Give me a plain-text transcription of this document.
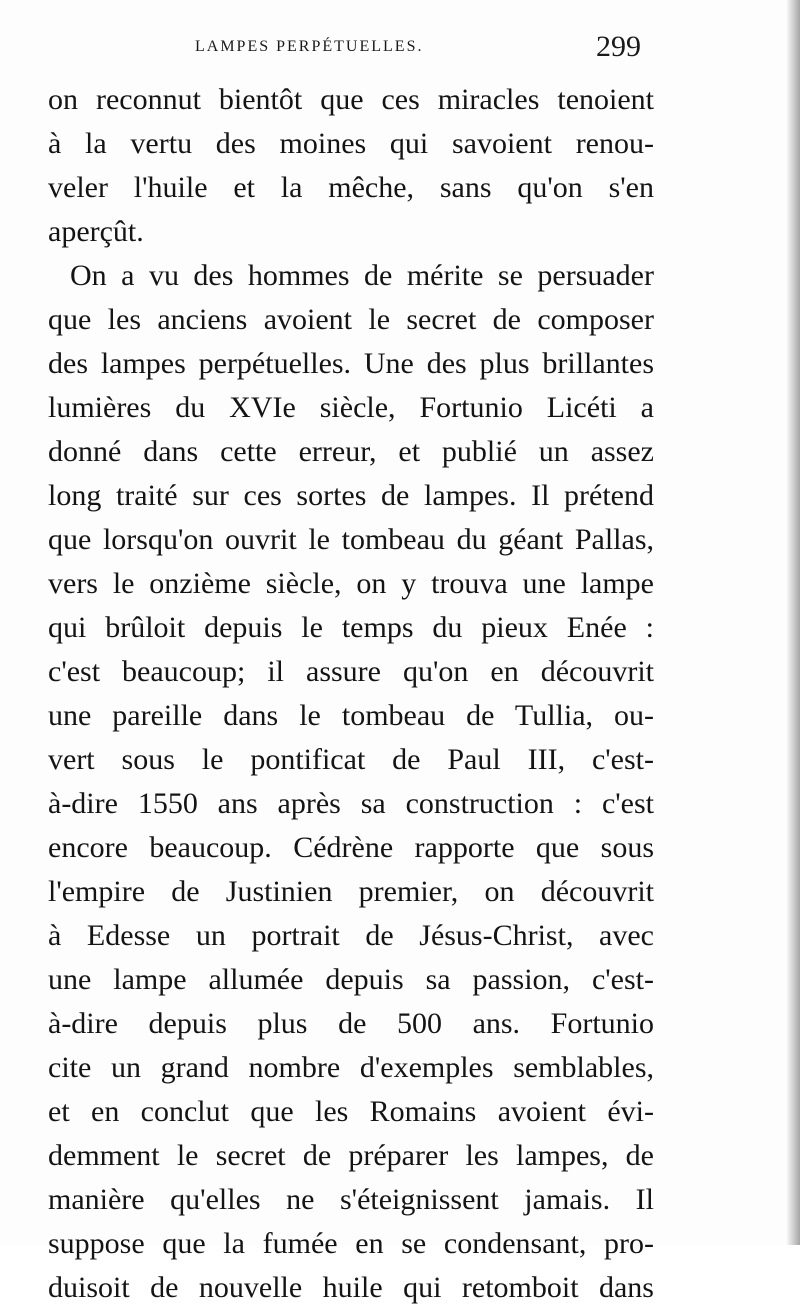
LAMPES PERPÉTUELLES.	299
on reconnut bientôt que ces miracles tenoient
à la vertu des moines qui savoient renou-
veler l'huile et la mêche, sans qu'on s'en
aperçût.
On a vu des hommes de mérite se persuader
que les anciens avoient le secret de composer
des lampes perpétuelles. Une des plus brillantes
lumières du XVIe siècle, Fortunio Licéti a
donné dans cette erreur, et publié un assez
long traité sur ces sortes de lampes. Il prétend
que lorsqu'on ouvrit le tombeau du géant Pallas,
vers le onzième siècle, on y trouva une lampe
qui brûloit depuis le temps du pieux Enée :
c'est beaucoup; il assure qu'on en découvrit
une pareille dans le tombeau de Tullia, ou-
vert sous le pontificat de Paul III, c'est-
à-dire 1550 ans après sa construction : c'est
encore beaucoup. Cédrène rapporte que sous
l'empire de Justinien premier, on découvrit
à Edesse un portrait de Jésus-Christ, avec
une lampe allumée depuis sa passion, c'est-
à-dire depuis plus de 500 ans. Fortunio
cite un grand nombre d'exemples semblables,
et en conclut que les Romains avoient évi-
demment le secret de préparer les lampes, de
manière qu'elles ne s'éteignissent jamais. Il
suppose que la fumée en se condensant, pro-
duisoit de nouvelle huile qui retomboit dans
